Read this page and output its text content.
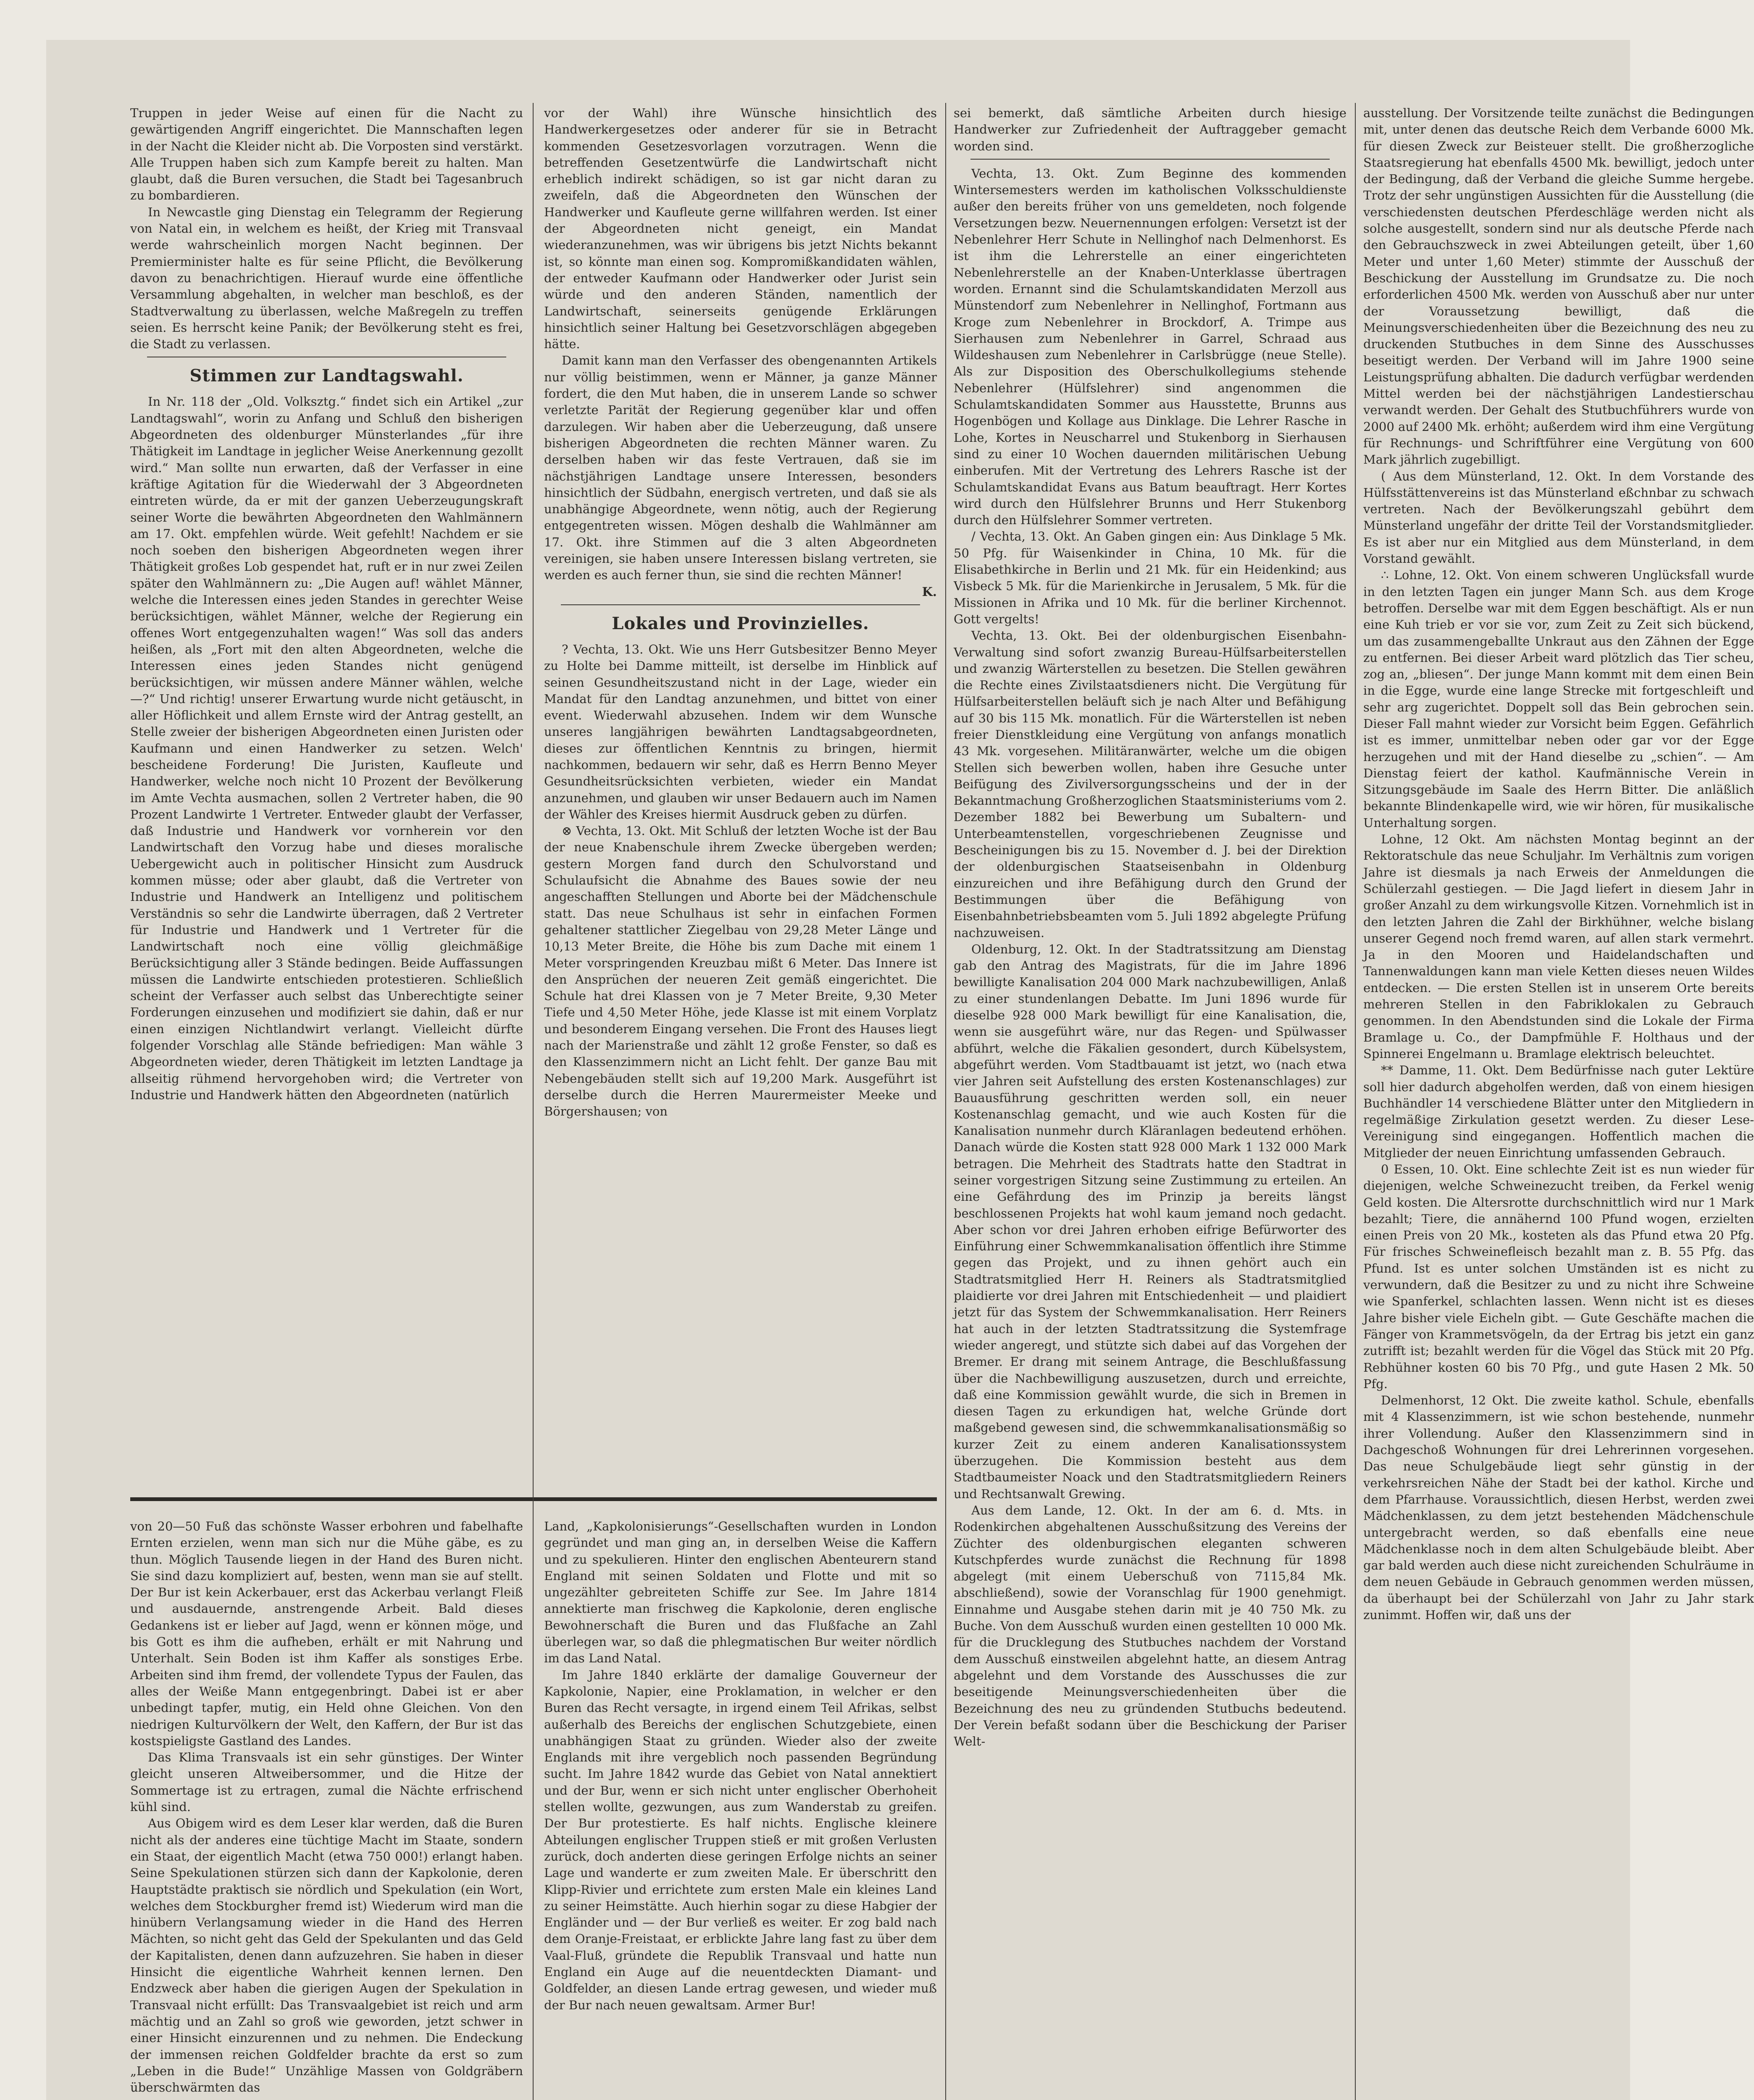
Truppen in jeder Weise auf einen für die Nacht zu gewärtigenden Angriff eingerichtet. Die Mannschaften legen in der Nacht die Kleider nicht ab. Die Vorposten sind verstärkt. Alle Truppen haben sich zum Kampfe bereit zu halten. Man glaubt, daß die Buren versuchen, die Stadt bei Tagesanbruch zu bombardieren.

In Newcastle ging Dienstag ein Telegramm der Regierung von Natal ein, in welchem es heißt, der Krieg mit Transvaal werde wahrscheinlich morgen Nacht beginnen. Der Premierminister halte es für seine Pflicht, die Bevölkerung davon zu benachrichtigen. Hierauf wurde eine öffentliche Versammlung abgehalten, in welcher man beschloß, es der Stadtverwaltung zu überlassen, welche Maßregeln zu treffen seien. Es herrscht keine Panik; der Bevölkerung steht es frei, die Stadt zu verlassen.

Stimmen zur Landtagswahl.

In Nr. 118 der „Old. Volksztg.“ findet sich ein Artikel „zur Landtagswahl“, worin zu Anfang und Schluß den bisherigen Abgeordneten des oldenburger Münsterlandes „für ihre Thätigkeit im Landtage in jeglicher Weise Anerkennung gezollt wird.“ Man sollte nun erwarten, daß der Verfasser in eine kräftige Agitation für die Wiederwahl der 3 Abgeordneten eintreten würde, da er mit der ganzen Ueberzeugungskraft seiner Worte die bewährten Abgeordneten den Wahlmännern am 17. Okt. empfehlen würde. Weit gefehlt! Nachdem er sie noch soeben den bisherigen Abgeordneten wegen ihrer Thätigkeit großes Lob gespendet hat, ruft er in nur zwei Zeilen später den Wahlmännern zu: „Die Augen auf! wählet Männer, welche die Interessen eines jeden Standes in gerechter Weise berücksichtigen, wählet Männer, welche der Regierung ein offenes Wort entgegenzuhalten wagen!“ Was soll das anders heißen, als „Fort mit den alten Abgeordneten, welche die Interessen eines jeden Standes nicht genügend berücksichtigen, wir müssen andere Männer wählen, welche —?“ Und richtig! unserer Erwartung wurde nicht getäuscht, in aller Höflichkeit und allem Ernste wird der Antrag gestellt, an Stelle zweier der bisherigen Abgeordneten einen Juristen oder Kaufmann und einen Handwerker zu setzen. Welch' bescheidene Forderung! Die Juristen, Kaufleute und Handwerker, welche noch nicht 10 Prozent der Bevölkerung im Amte Vechta ausmachen, sollen 2 Vertreter haben, die 90 Prozent Landwirte 1 Vertreter. Entweder glaubt der Verfasser, daß Industrie und Handwerk vor vornherein vor den Landwirtschaft den Vorzug habe und dieses moralische Uebergewicht auch in politischer Hinsicht zum Ausdruck kommen müsse; oder aber glaubt, daß die Vertreter von Industrie und Handwerk an Intelligenz und politischem Verständnis so sehr die Landwirte überragen, daß 2 Vertreter für Industrie und Handwerk und 1 Vertreter für die Landwirtschaft noch eine völlig gleichmäßige Berücksichtigung aller 3 Stände bedingen. Beide Auffassungen müssen die Landwirte entschieden protestieren. Schließlich scheint der Verfasser auch selbst das Unberechtigte seiner Forderungen einzusehen und modifiziert sie dahin, daß er nur einen einzigen Nichtlandwirt verlangt. Vielleicht dürfte folgender Vorschlag alle Stände befriedigen: Man wähle 3 Abgeordneten wieder, deren Thätigkeit im letzten Landtage ja allseitig rühmend hervorgehoben wird; die Vertreter von Industrie und Handwerk hätten den Abgeordneten (natürlich

vor der Wahl) ihre Wünsche hinsichtlich des Handwerkergesetzes oder anderer für sie in Betracht kommenden Gesetzesvorlagen vorzutragen. Wenn die betreffenden Gesetzentwürfe die Landwirtschaft nicht erheblich indirekt schädigen, so ist gar nicht daran zu zweifeln, daß die Abgeordneten den Wünschen der Handwerker und Kaufleute gerne willfahren werden. Ist einer der Abgeordneten nicht geneigt, ein Mandat wiederanzunehmen, was wir übrigens bis jetzt Nichts bekannt ist, so könnte man einen sog. Kompromißkandidaten wählen, der entweder Kaufmann oder Handwerker oder Jurist sein würde und den anderen Ständen, namentlich der Landwirtschaft, seinerseits genügende Erklärungen hinsichtlich seiner Haltung bei Gesetzvorschlägen abgegeben hätte.

Damit kann man den Verfasser des obengenannten Artikels nur völlig beistimmen, wenn er Männer, ja ganze Männer fordert, die den Mut haben, die in unserem Lande so schwer verletzte Parität der Regierung gegenüber klar und offen darzulegen. Wir haben aber die Ueberzeugung, daß unsere bisherigen Abgeordneten die rechten Männer waren. Zu derselben haben wir das feste Vertrauen, daß sie im nächstjährigen Landtage unsere Interessen, besonders hinsichtlich der Südbahn, energisch vertreten, und daß sie als unabhängige Abgeordnete, wenn nötig, auch der Regierung entgegentreten wissen. Mögen deshalb die Wahlmänner am 17. Okt. ihre Stimmen auf die 3 alten Abgeordneten vereinigen, sie haben unsere Interessen bislang vertreten, sie werden es auch ferner thun, sie sind die rechten Männer!

K.
Lokales und Provinzielles.

? Vechta, 13. Okt. Wie uns Herr Gutsbesitzer Benno Meyer zu Holte bei Damme mitteilt, ist derselbe im Hinblick auf seinen Gesundheitszustand nicht in der Lage, wieder ein Mandat für den Landtag anzunehmen, und bittet von einer event. Wiederwahl abzusehen. Indem wir dem Wunsche unseres langjährigen bewährten Landtagsabgeordneten, dieses zur öffentlichen Kenntnis zu bringen, hiermit nachkommen, bedauern wir sehr, daß es Herrn Benno Meyer Gesundheitsrücksichten verbieten, wieder ein Mandat anzunehmen, und glauben wir unser Bedauern auch im Namen der Wähler des Kreises hiermit Ausdruck geben zu dürfen.

⊗ Vechta, 13. Okt. Mit Schluß der letzten Woche ist der Bau der neue Knabenschule ihrem Zwecke übergeben werden; gestern Morgen fand durch den Schulvorstand und Schulaufsicht die Abnahme des Baues sowie der neu angeschafften Stellungen und Aborte bei der Mädchenschule statt. Das neue Schulhaus ist sehr in einfachen Formen gehaltener stattlicher Ziegelbau von 29,28 Meter Länge und 10,13 Meter Breite, die Höhe bis zum Dache mit einem 1 Meter vorspringenden Kreuzbau mißt 6 Meter. Das Innere ist den Ansprüchen der neueren Zeit gemäß eingerichtet. Die Schule hat drei Klassen von je 7 Meter Breite, 9,30 Meter Tiefe und 4,50 Meter Höhe, jede Klasse ist mit einem Vorplatz und besonderem Eingang versehen. Die Front des Hauses liegt nach der Marienstraße und zählt 12 große Fenster, so daß es den Klassenzimmern nicht an Licht fehlt. Der ganze Bau mit Nebengebäuden stellt sich auf 19,200 Mark. Ausgeführt ist derselbe durch die Herren Maurermeister Meeke und Börgershausen; von

sei bemerkt, daß sämtliche Arbeiten durch hiesige Handwerker zur Zufriedenheit der Auftraggeber gemacht worden sind.

Vechta, 13. Okt. Zum Beginne des kommenden Wintersemesters werden im katholischen Volksschuldienste außer den bereits früher von uns gemeldeten, noch folgende Versetzungen bezw. Neuernennungen erfolgen: Versetzt ist der Nebenlehrer Herr Schute in Nellinghof nach Delmenhorst. Es ist ihm die Lehrerstelle an einer eingerichteten Nebenlehrerstelle an der Knaben-Unterklasse übertragen worden. Ernannt sind die Schulamtskandidaten Merzoll aus Münstendorf zum Nebenlehrer in Nellinghof, Fortmann aus Kroge zum Nebenlehrer in Brockdorf, A. Trimpe aus Sierhausen zum Nebenlehrer in Garrel, Schraad aus Wildeshausen zum Nebenlehrer in Carlsbrügge (neue Stelle). Als zur Disposition des Oberschulkollegiums stehende Nebenlehrer (Hülfslehrer) sind angenommen die Schulamtskandidaten Sommer aus Hausstette, Brunns aus Hogenbögen und Kollage aus Dinklage. Die Lehrer Rasche in Lohe, Kortes in Neuscharrel und Stukenborg in Sierhausen sind zu einer 10 Wochen dauernden militärischen Uebung einberufen. Mit der Vertretung des Lehrers Rasche ist der Schulamtskandidat Evans aus Batum beauftragt. Herr Kortes wird durch den Hülfslehrer Brunns und Herr Stukenborg durch den Hülfslehrer Sommer vertreten.

/ Vechta, 13. Okt. An Gaben gingen ein: Aus Dinklage 5 Mk. 50 Pfg. für Waisenkinder in China, 10 Mk. für die Elisabethkirche in Berlin und 21 Mk. für ein Heidenkind; aus Visbeck 5 Mk. für die Marienkirche in Jerusalem, 5 Mk. für die Missionen in Afrika und 10 Mk. für die berliner Kirchennot. Gott vergelts!

Vechta, 13. Okt. Bei der oldenburgischen Eisenbahn-Verwaltung sind sofort zwanzig Bureau-Hülfsarbeiterstellen und zwanzig Wärterstellen zu besetzen. Die Stellen gewähren die Rechte eines Zivilstaatsdieners nicht. Die Vergütung für Hülfsarbeiterstellen beläuft sich je nach Alter und Befähigung auf 30 bis 115 Mk. monatlich. Für die Wärterstellen ist neben freier Dienstkleidung eine Vergütung von anfangs monatlich 43 Mk. vorgesehen. Militäranwärter, welche um die obigen Stellen sich bewerben wollen, haben ihre Gesuche unter Beifügung des Zivilversorgungsscheins und der in der Bekanntmachung Großherzoglichen Staatsministeriums vom 2. Dezember 1882 bei Bewerbung um Subaltern- und Unterbeamtenstellen, vorgeschriebenen Zeugnisse und Bescheinigungen bis zu 15. November d. J. bei der Direktion der oldenburgischen Staatseisenbahn in Oldenburg einzureichen und ihre Befähigung durch den Grund der Bestimmungen über die Befähigung von Eisenbahnbetriebsbeamten vom 5. Juli 1892 abgelegte Prüfung nachzuweisen.

Oldenburg, 12. Okt. In der Stadtratssitzung am Dienstag gab den Antrag des Magistrats, für die im Jahre 1896 bewilligte Kanalisation 204 000 Mark nachzubewilligen, Anlaß zu einer stundenlangen Debatte. Im Juni 1896 wurde für dieselbe 928 000 Mark bewilligt für eine Kanalisation, die, wenn sie ausgeführt wäre, nur das Regen- und Spülwasser abführt, welche die Fäkalien gesondert, durch Kübelsystem, abgeführt werden. Vom Stadtbauamt ist jetzt, wo (nach etwa vier Jahren seit Aufstellung des ersten Kostenanschlages) zur Bauausführung geschritten werden soll, ein neuer Kostenanschlag gemacht, und wie auch Kosten für die Kanalisation nunmehr durch Kläranlagen bedeutend erhöhen. Danach würde die Kosten statt 928 000 Mark 1 132 000 Mark betragen. Die Mehrheit des Stadtrats hatte den Stadtrat in seiner vorgestrigen Sitzung seine Zustimmung zu erteilen. An eine Gefährdung des im Prinzip ja bereits längst beschlossenen Projekts hat wohl kaum jemand noch gedacht. Aber schon vor drei Jahren erhoben eifrige Befürworter des Einführung einer Schwemmkanalisation öffentlich ihre Stimme gegen das Projekt, und zu ihnen gehört auch ein Stadtratsmitglied Herr H. Reiners als Stadtratsmitglied plaidierte vor drei Jahren mit Entschiedenheit — und plaidiert jetzt für das System der Schwemmkanalisation. Herr Reiners hat auch in der letzten Stadtratssitzung die Systemfrage wieder angeregt, und stützte sich dabei auf das Vorgehen der Bremer. Er drang mit seinem Antrage, die Beschlußfassung über die Nachbewilligung auszusetzen, durch und erreichte, daß eine Kommission gewählt wurde, die sich in Bremen in diesen Tagen zu erkundigen hat, welche Gründe dort maßgebend gewesen sind, die schwemmkanalisationsmäßig so kurzer Zeit zu einem anderen Kanalisationssystem überzugehen. Die Kommission besteht aus dem Stadtbaumeister Noack und den Stadtratsmitgliedern Reiners und Rechtsanwalt Grewing.

Aus dem Lande, 12. Okt. In der am 6. d. Mts. in Rodenkirchen abgehaltenen Ausschußsitzung des Vereins der Züchter des oldenburgischen eleganten schweren Kutschpferdes wurde zunächst die Rechnung für 1898 abgelegt (mit einem Ueberschuß von 7115,84 Mk. abschließend), sowie der Voranschlag für 1900 genehmigt. Einnahme und Ausgabe stehen darin mit je 40 750 Mk. zu Buche. Von dem Ausschuß wurden einen gestellten 10 000 Mk. für die Drucklegung des Stutbuches nachdem der Vorstand dem Ausschuß einstweilen abgelehnt hatte, an diesem Antrag abgelehnt und dem Vorstande des Ausschusses die zur beseitigende Meinungsverschiedenheiten über die Bezeichnung des neu zu gründenden Stutbuchs bedeutend. Der Verein befaßt sodann über die Beschickung der Pariser Welt-

ausstellung. Der Vorsitzende teilte zunächst die Bedingungen mit, unter denen das deutsche Reich dem Verbande 6000 Mk. für diesen Zweck zur Beisteuer stellt. Die großherzogliche Staatsregierung hat ebenfalls 4500 Mk. bewilligt, jedoch unter der Bedingung, daß der Verband die gleiche Summe hergebe. Trotz der sehr ungünstigen Aussichten für die Ausstellung (die verschiedensten deutschen Pferdeschläge werden nicht als solche ausgestellt, sondern sind nur als deutsche Pferde nach den Gebrauchszweck in zwei Abteilungen geteilt, über 1,60 Meter und unter 1,60 Meter) stimmte der Ausschuß der Beschickung der Ausstellung im Grundsatze zu. Die noch erforderlichen 4500 Mk. werden von Ausschuß aber nur unter der Voraussetzung bewilligt, daß die Meinungsverschiedenheiten über die Bezeichnung des neu zu druckenden Stutbuches in dem Sinne des Ausschusses beseitigt werden. Der Verband will im Jahre 1900 seine Leistungsprüfung abhalten. Die dadurch verfügbar werdenden Mittel werden bei der nächstjährigen Landestierschau verwandt werden. Der Gehalt des Stutbuchführers wurde von 2000 auf 2400 Mk. erhöht; außerdem wird ihm eine Vergütung für Rechnungs- und Schriftführer eine Vergütung von 600 Mark jährlich zugebilligt.

( Aus dem Münsterland, 12. Okt. In dem Vorstande des Hülfsstättenvereins ist das Münsterland eßchnbar zu schwach vertreten. Nach der Bevölkerungszahl gebührt dem Münsterland ungefähr der dritte Teil der Vorstandsmitglieder. Es ist aber nur ein Mitglied aus dem Münsterland, in dem Vorstand gewählt.

∴ Lohne, 12. Okt. Von einem schweren Unglücksfall wurde in den letzten Tagen ein junger Mann Sch. aus dem Kroge betroffen. Derselbe war mit dem Eggen beschäftigt. Als er nun eine Kuh trieb er vor sie vor, zum Zeit zu Zeit sich bückend, um das zusammengeballte Unkraut aus den Zähnen der Egge zu entfernen. Bei dieser Arbeit ward plötzlich das Tier scheu, zog an, „bliesen“. Der junge Mann kommt mit dem einen Bein in die Egge, wurde eine lange Strecke mit fortgeschleift und sehr arg zugerichtet. Doppelt soll das Bein gebrochen sein. Dieser Fall mahnt wieder zur Vorsicht beim Eggen. Gefährlich ist es immer, unmittelbar neben oder gar vor der Egge herzugehen und mit der Hand dieselbe zu „schien“. — Am Dienstag feiert der kathol. Kaufmännische Verein in Sitzungsgebäude im Saale des Herrn Bitter. Die anläßlich bekannte Blindenkapelle wird, wie wir hören, für musikalische Unterhaltung sorgen.

Lohne, 12 Okt. Am nächsten Montag beginnt an der Rektoratschule das neue Schuljahr. Im Verhältnis zum vorigen Jahre ist diesmals ja nach Erweis der Anmeldungen die Schülerzahl gestiegen. — Die Jagd liefert in diesem Jahr in großer Anzahl zu dem wirkungsvolle Kitzen. Vornehmlich ist in den letzten Jahren die Zahl der Birkhühner, welche bislang unserer Gegend noch fremd waren, auf allen stark vermehrt. Ja in den Mooren und Haidelandschaften und Tannenwaldungen kann man viele Ketten dieses neuen Wildes entdecken. — Die ersten Stellen ist in unserem Orte bereits mehreren Stellen in den Fabriklokalen zu Gebrauch genommen. In den Abendstunden sind die Lokale der Firma Bramlage u. Co., der Dampfmühle F. Holthaus und der Spinnerei Engelmann u. Bramlage elektrisch beleuchtet.

** Damme, 11. Okt. Dem Bedürfnisse nach guter Lektüre soll hier dadurch abgeholfen werden, daß von einem hiesigen Buchhändler 14 verschiedene Blätter unter den Mitgliedern in regelmäßige Zirkulation gesetzt werden. Zu dieser Lese-Vereinigung sind eingegangen. Hoffentlich machen die Mitglieder der neuen Einrichtung umfassenden Gebrauch.

0 Essen, 10. Okt. Eine schlechte Zeit ist es nun wieder für diejenigen, welche Schweinezucht treiben, da Ferkel wenig Geld kosten. Die Altersrotte durchschnittlich wird nur 1 Mark bezahlt; Tiere, die annähernd 100 Pfund wogen, erzielten einen Preis von 20 Mk., kosteten als das Pfund etwa 20 Pfg. Für frisches Schweinefleisch bezahlt man z. B. 55 Pfg. das Pfund. Ist es unter solchen Umständen ist es nicht zu verwundern, daß die Besitzer zu und zu nicht ihre Schweine wie Spanferkel, schlachten lassen. Wenn nicht ist es dieses Jahre bisher viele Eicheln gibt. — Gute Geschäfte machen die Fänger von Krammetsvögeln, da der Ertrag bis jetzt ein ganz zutrifft ist; bezahlt werden für die Vögel das Stück mit 20 Pfg. Rebhühner kosten 60 bis 70 Pfg., und gute Hasen 2 Mk. 50 Pfg.

Delmenhorst, 12 Okt. Die zweite kathol. Schule, ebenfalls mit 4 Klassenzimmern, ist wie schon bestehende, nunmehr ihrer Vollendung. Außer den Klassenzimmern sind in Dachgeschoß Wohnungen für drei Lehrerinnen vorgesehen. Das neue Schulgebäude liegt sehr günstig in der verkehrsreichen Nähe der Stadt bei der kathol. Kirche und dem Pfarrhause. Voraussichtlich, diesen Herbst, werden zwei Mädchenklassen, zu dem jetzt bestehenden Mädchenschule untergebracht werden, so daß ebenfalls eine neue Mädchenklasse noch in dem alten Schulgebäude bleibt. Aber gar bald werden auch diese nicht zureichenden Schulräume in dem neuen Gebäude in Gebrauch genommen werden müssen, da überhaupt bei der Schülerzahl von Jahr zu Jahr stark zunimmt. Hoffen wir, daß uns der

von 20—50 Fuß das schönste Wasser erbohren und fabelhafte Ernten erzielen, wenn man sich nur die Mühe gäbe, es zu thun. Möglich Tausende liegen in der Hand des Buren nicht. Sie sind dazu kompliziert auf, besten, wenn man sie auf stellt. Der Bur ist kein Ackerbauer, erst das Ackerbau verlangt Fleiß und ausdauernde, anstrengende Arbeit. Bald dieses Gedankens ist er lieber auf Jagd, wenn er können möge, und bis Gott es ihm die aufheben, erhält er mit Nahrung und Unterhalt. Sein Boden ist ihm Kaffer als sonstiges Erbe. Arbeiten sind ihm fremd, der vollendete Typus der Faulen, das alles der Weiße Mann entgegenbringt. Dabei ist er aber unbedingt tapfer, mutig, ein Held ohne Gleichen. Von den niedrigen Kulturvölkern der Welt, den Kaffern, der Bur ist das kostspieligste Gastland des Landes.

Das Klima Transvaals ist ein sehr günstiges. Der Winter gleicht unseren Altweibersommer, und die Hitze der Sommertage ist zu ertragen, zumal die Nächte erfrischend kühl sind.

Aus Obigem wird es dem Leser klar werden, daß die Buren nicht als der anderes eine tüchtige Macht im Staate, sondern ein Staat, der eigentlich Macht (etwa 750 000!) erlangt haben. Seine Spekulationen stürzen sich dann der Kapkolonie, deren Hauptstädte praktisch sie nördlich und Spekulation (ein Wort, welches dem Stockburgher fremd ist) Wiederum wird man die hinübern Verlangsamung wieder in die Hand des Herren Mächten, so nicht geht das Geld der Spekulanten und das Geld der Kapitalisten, denen dann aufzuzehren. Sie haben in dieser Hinsicht die eigentliche Wahrheit kennen lernen. Den Endzweck aber haben die gierigen Augen der Spekulation in Transvaal nicht erfüllt: Das Transvaalgebiet ist reich und arm mächtig und an Zahl so groß wie geworden, jetzt schwer in einer Hinsicht einzurennen und zu nehmen. Die Endeckung der immensen reichen Goldfelder brachte da erst so zum „Leben in die Bude!“ Unzählige Massen von Goldgräbern überschwärmten das

Land, „Kapkolonisierungs“-Gesellschaften wurden in London gegründet und man ging an, in derselben Weise die Kaffern und zu spekulieren. Hinter den englischen Abenteurern stand England mit seinen Soldaten und Flotte und mit so ungezählter gebreiteten Schiffe zur See. Im Jahre 1814 annektierte man frischweg die Kapkolonie, deren englische Bewohnerschaft die Buren und das Flußfache an Zahl überlegen war, so daß die phlegmatischen Bur weiter nördlich im das Land Natal.

Im Jahre 1840 erklärte der damalige Gouverneur der Kapkolonie, Napier, eine Proklamation, in welcher er den Buren das Recht versagte, in irgend einem Teil Afrikas, selbst außerhalb des Bereichs der englischen Schutzgebiete, einen unabhängigen Staat zu gründen. Wieder also der zweite Englands mit ihre vergeblich noch passenden Begründung sucht. Im Jahre 1842 wurde das Gebiet von Natal annektiert und der Bur, wenn er sich nicht unter englischer Oberhoheit stellen wollte, gezwungen, aus zum Wanderstab zu greifen. Der Bur protestierte. Es half nichts. Englische kleinere Abteilungen englischer Truppen stieß er mit großen Verlusten zurück, doch anderten diese geringen Erfolge nichts an seiner Lage und wanderte er zum zweiten Male. Er überschritt den Klipp-Rivier und errichtete zum ersten Male ein kleines Land zu seiner Heimstätte. Auch hierhin sogar zu diese Habgier der Engländer und — der Bur verließ es weiter. Er zog bald nach dem Oranje-Freistaat, er erblickte Jahre lang fast zu über dem Vaal-Fluß, gründete die Republik Transvaal und hatte nun England ein Auge auf die neuentdeckten Diamant- und Goldfelder, an diesen Lande ertrag gewesen, und wieder muß der Bur nach neuen gewaltsam. Armer Bur!
